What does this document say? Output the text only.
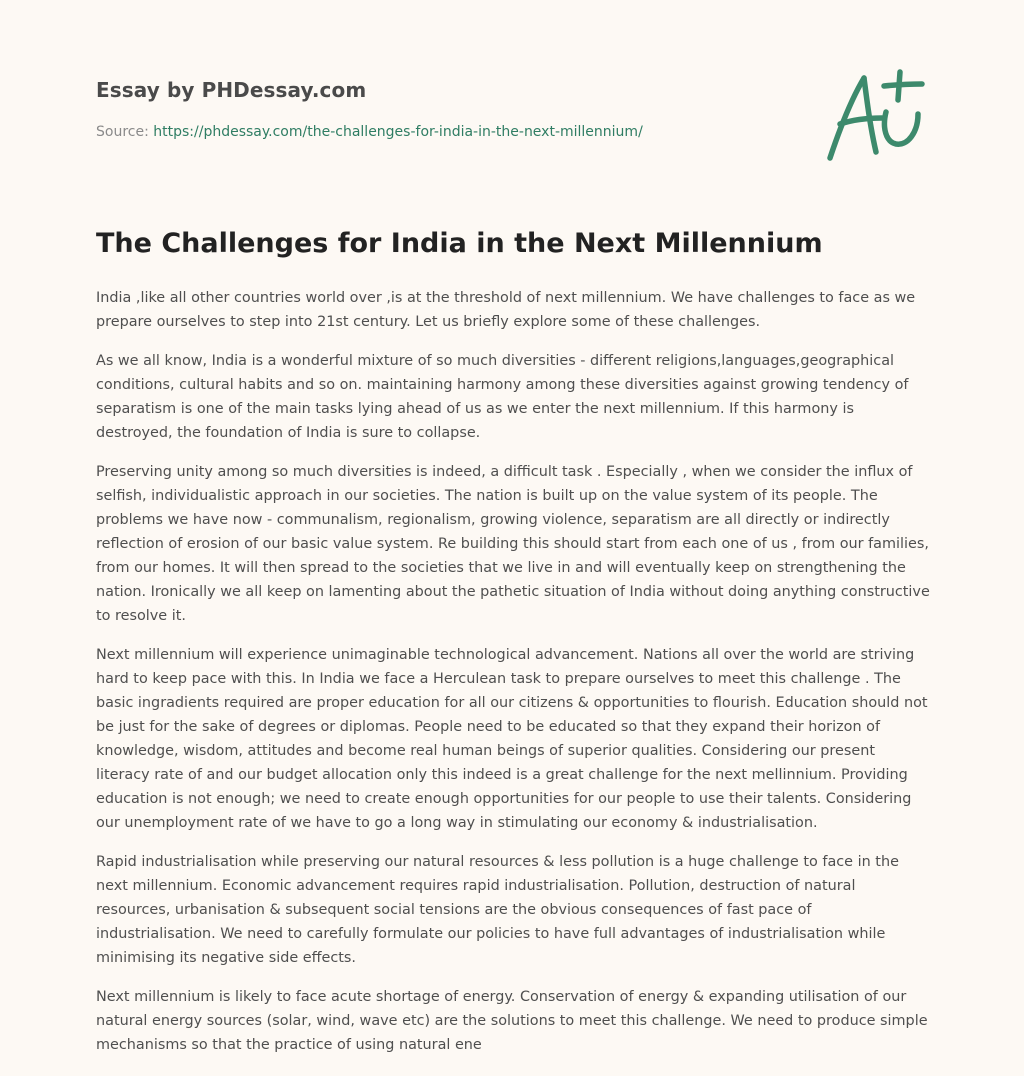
Essay by PHDessay.com

Source: https://phdessay.com/the-challenges-for-india-in-the-next-millennium/
The Challenges for India in the Next Millennium

India ,like all other countries world over ,is at the threshold of next millennium. We have challenges to face as we prepare ourselves to step into 21st century. Let us briefly explore some of these challenges.

As we all know, India is a wonderful mixture of so much diversities - different religions,languages,geographical conditions, cultural habits and so on. maintaining harmony among these diversities against growing tendency of separatism is one of the main tasks lying ahead of us as we enter the next millennium. If this harmony is destroyed, the foundation of India is sure to collapse.

Preserving unity among so much diversities is indeed, a difficult task . Especially , when we consider the influx of selfish, individualistic approach in our societies. The nation is built up on the value system of its people. The problems we have now - communalism, regionalism, growing violence, separatism are all directly or indirectly reflection of erosion of our basic value system. Re building this should start from each one of us , from our families, from our homes. It will then spread to the societies that we live in and will eventually keep on strengthening the nation. Ironically we all keep on lamenting about the pathetic situation of India without doing anything constructive to resolve it.

Next millennium will experience unimaginable technological advancement. Nations all over the world are striving hard to keep pace with this. In India we face a Herculean task to prepare ourselves to meet this challenge . The basic ingradients required are proper education for all our citizens & opportunities to flourish. Education should not be just for the sake of degrees or diplomas. People need to be educated so that they expand their horizon of knowledge, wisdom, attitudes and become real human beings of superior qualities. Considering our present literacy rate of and our budget allocation only this indeed is a great challenge for the next mellinnium. Providing education is not enough; we need to create enough opportunities for our people to use their talents. Considering our unemployment rate of we have to go a long way in stimulating our economy & industrialisation.

Rapid industrialisation while preserving our natural resources & less pollution is a huge challenge to face in the next millennium. Economic advancement requires rapid industrialisation. Pollution, destruction of natural resources, urbanisation & subsequent social tensions are the obvious consequences of fast pace of industrialisation. We need to carefully formulate our policies to have full advantages of industrialisation while minimising its negative side effects.

Next millennium is likely to face acute shortage of energy. Conservation of energy & expanding utilisation of our natural energy sources (solar, wind, wave etc) are the solutions to meet this challenge. We need to produce simple mechanisms so that the practice of using natural ene
